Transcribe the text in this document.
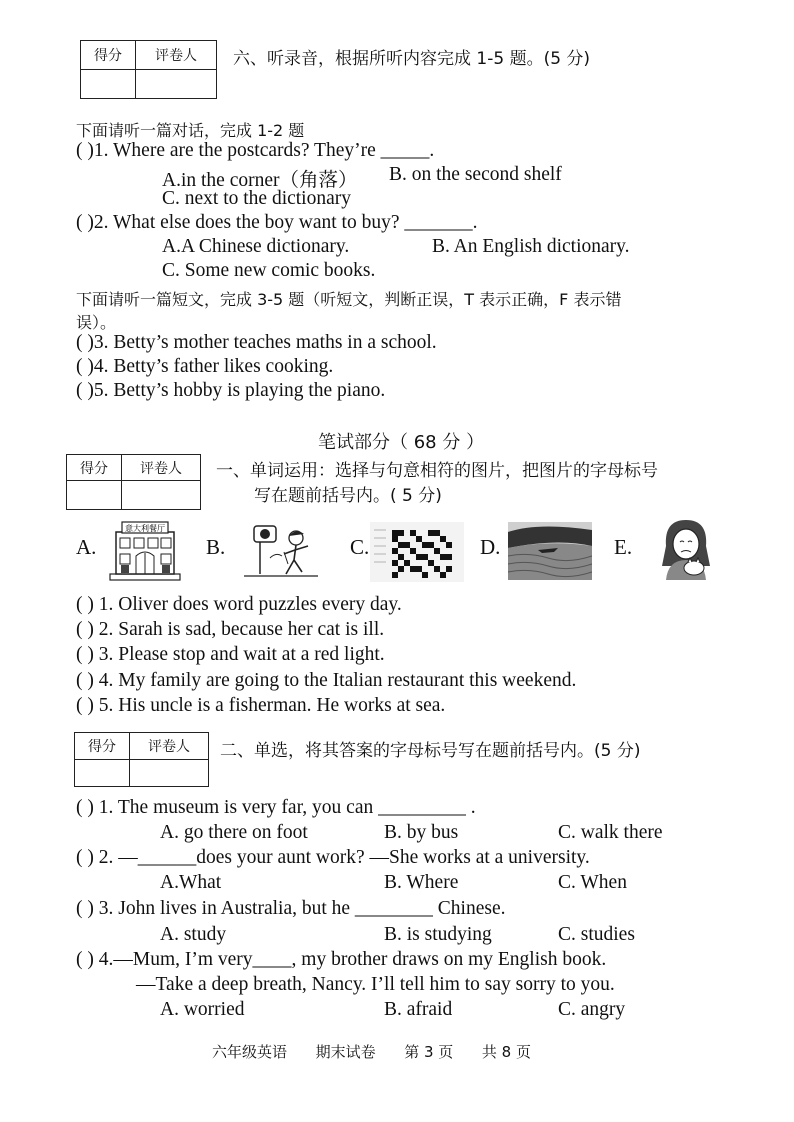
得分	评卷人
	六、听录音，根据所听内容完成 1-5 题。(5 分)
下面请听一篇对话，完成 1-2 题
( )1. Where are the postcards? They’re _____.
A.in the corner（角落） B. on the second shelf
C. next to the dictionary
( )2. What else does the boy want to buy? _______.
A.A Chinese dictionary.	B. An English dictionary.
C. Some new comic books.
下面请听一篇短文，完成 3-5 题（听短文，判断正误，T 表示正确，F 表示错
误）。
( )3. Betty’s mother teaches maths in a school.
( )4. Betty’s father likes cooking.
( )5. Betty’s hobby is playing the piano.
笔试部分（ 68 分 ）
得分	评卷人
	一、单词运用：选择与句意相符的图片，把图片的字母标号
写在题前括号内。( 5 分)
A.	B.	C.	D.	E.
意大利餐厅
( ) 1. Oliver does word puzzles every day.
( ) 2. Sarah is sad, because her cat is ill.
( ) 3. Please stop and wait at a red light.
( ) 4. My family are going to the Italian restaurant this weekend.
( ) 5. His uncle is a fisherman. He works at sea.
得分	评卷人
	二、单选，将其答案的字母标号写在题前括号内。(5 分)
( ) 1. The museum is very far, you can _________ .
A. go there on foot	B. by bus	C. walk there
( ) 2. —______does your aunt work? —She works at a university.
A.What	B. Where	C. When
( ) 3. John lives in Australia, but he ________ Chinese.
A. study	B. is studying	C. studies
( ) 4.—Mum, I’m very____, my brother draws on my English book.
—Take a deep breath, Nancy. I’ll tell him to say sorry to you.
A. worried	B. afraid	C. angry
六年级英语      期末试卷      第 3 页      共 8 页
